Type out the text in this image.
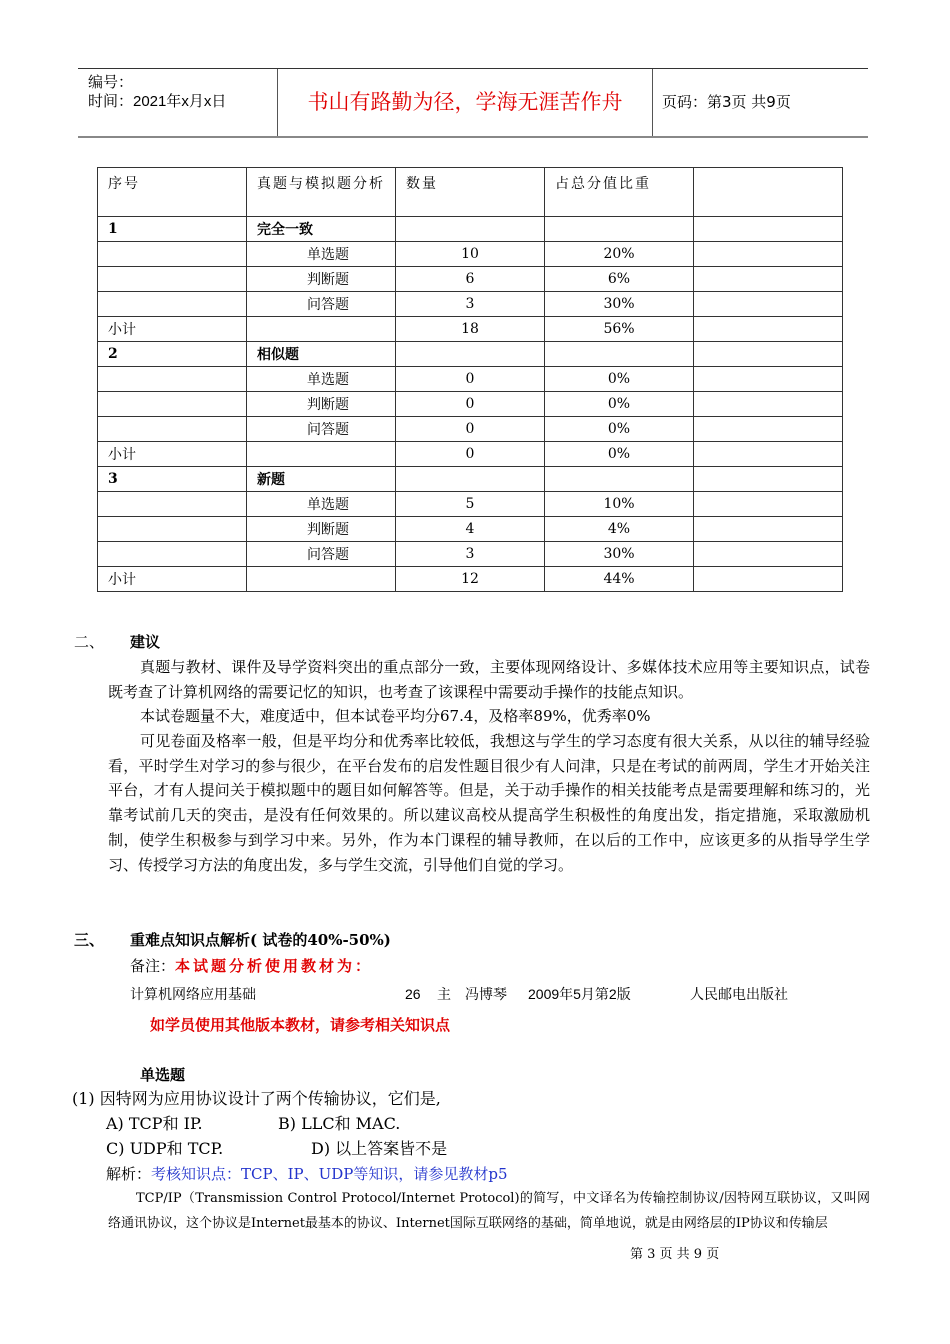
编号：
时间：2021年x月x日	书山有路勤为径，学海无涯苦作舟	页码：第3页 共9页
序号	真题与模拟题分析	数量	占总分值比重	
1	完全一致			
	单选题	10	20%	
	判断题	6	6%	
	问答题	3	30%	
小计		18	56%	
2	相似题			
	单选题	0	0%	
	判断题	0	0%	
	问答题	0	0%	
小计		0	0%	
3	新题			
	单选题	5	10%	
	判断题	4	4%	
	问答题	3	30%	
小计		12	44%	
二、 建议
真题与教材、课件及导学资料突出的重点部分一致，主要体现网络设计、多媒体技术应用等主要知识点，试卷既考查了计算机网络的需要记忆的知识，也考查了该课程中需要动手操作的技能点知识。
本试卷题量不大，难度适中，但本试卷平均分67.4，及格率89%，优秀率0%
可见卷面及格率一般，但是平均分和优秀率比较低，我想这与学生的学习态度有很大关系，从以往的辅导经验看，平时学生对学习的参与很少，在平台发布的启发性题目很少有人问津，只是在考试的前两周，学生才开始关注平台，才有人提问关于模拟题中的题目如何解答等。但是，关于动手操作的相关技能考点是需要理解和练习的，光靠考试前几天的突击，是没有任何效果的。所以建议高校从提高学生积极性的角度出发，指定措施，采取激励机制，使学生积极参与到学习中来。另外，作为本门课程的辅导教师，在以后的工作中，应该更多的从指导学生学习、传授学习方法的角度出发，多与学生交流，引导他们自觉的学习。
三、 重难点知识点解析( 试卷的40%-50%)
备注：本试题分析使用教材为：
计算机网络应用基础	26 主 冯博琴 2009年5月第2版	人民邮电出版社
如学员使用其他版本教材，请参考相关知识点
单选题
(1) 因特网为应用协议设计了两个传输协议，它们是,
A) TCP和 IP.	B) LLC和 MAC.
C) UDP和 TCP.	D) 以上答案皆不是
解析：考核知识点：TCP、IP、UDP等知识，请参见教材p5
TCP/IP（Transmission Control Protocol/Internet Protocol)的简写，中文译名为传输控制协议/因特网互联协议，又叫网络通讯协议，这个协议是Internet最基本的协议、Internet国际互联网络的基础，简单地说，就是由网络层的IP协议和传输层
第 3 页 共 9 页
